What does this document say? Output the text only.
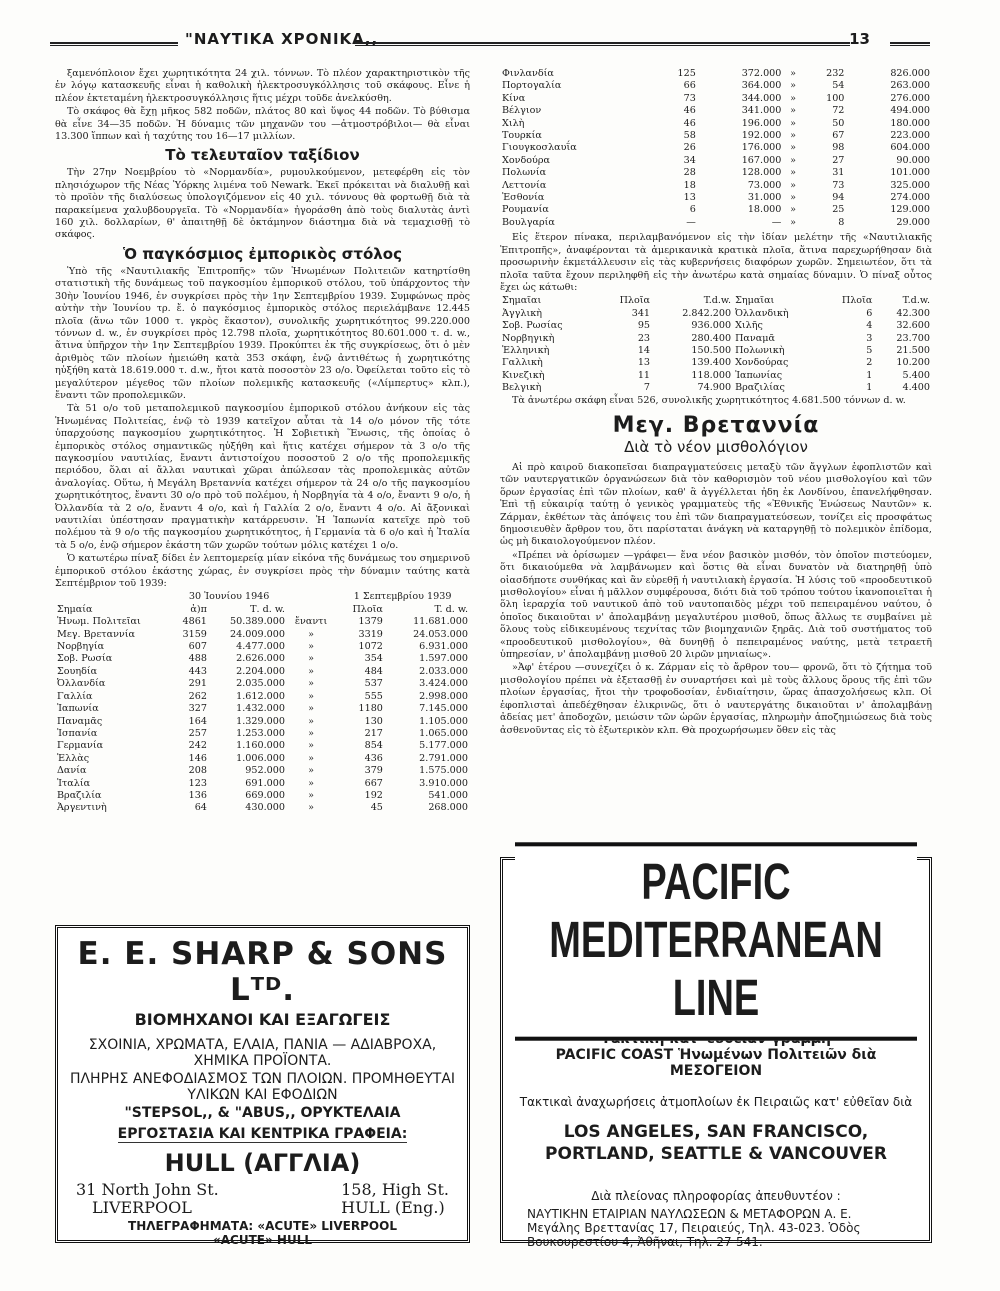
"ΝΑΥΤΙΚΑ ΧΡΟΝΙΚΑ,,	13

ξαμενόπλοιον ἔχει χωρητικότητα 24 χιλ. τόννων. Τὸ πλέον χαρακτηριστικὸν τῆς ἐν λόγῳ κατασκευῆς εἶναι ἡ καθολικὴ ἠλεκτροσυγκόλλησις τοῦ σκάφους. Εἶνε ἡ πλέον ἐκτεταμένη ἠλεκτροσυγκόλλησις ἥτις μέχρι τοῦδε ἀνελκύσθη.

Τὸ σκάφος θὰ ἔχῃ μῆκος 582 ποδῶν, πλάτος 80 καὶ ὕψος 44 ποδῶν. Τὸ βύθισμα θὰ εἶνε 34—35 ποδῶν. Ἡ δύναμις τῶν μηχανῶν του —ἀτμοστρόβιλοι— θὰ εἶναι 13.300 ἵππων καὶ ἡ ταχύτης του 16—17 μιλλίων.

Τὸ τελευταῖον ταξίδιον

Τὴν 27ην Νοεμβρίου τὸ «Νορμανδία», ρυμουλκούμενον, μετεφέρθη εἰς τὸν πλησιόχωρον τῆς Νέας Ὑόρκης λιμένα τοῦ Newark. Ἐκεῖ πρόκειται νὰ διαλυθῇ καὶ τὸ προϊὸν τῆς διαλύσεως ὑπολογιζόμενον εἰς 40 χιλ. τόννους θὰ φορτωθῇ διὰ τὰ παρακείμενα χαλυβδουργεῖα. Τὸ «Νορμανδία» ἠγοράσθη ἀπὸ τοὺς διαλυτὰς ἀντὶ 160 χιλ. δολλαρίων, θ' ἀπαιτηθῇ δὲ ὀκτάμηνον διάστημα διὰ νὰ τεμαχισθῇ τὸ σκάφος.

Ὁ παγκόσμιος ἐμπορικὸς στόλος

Ὑπὸ τῆς «Ναυτιλιακῆς Ἐπιτροπῆς» τῶν Ἡνωμένων Πολιτειῶν κατηρτίσθη στατιστικὴ τῆς δυνάμεως τοῦ παγκοσμίου ἐμπορικοῦ στόλου, τοῦ ὑπάρχοντος τὴν 30ὴν Ἰουνίου 1946, ἐν συγκρίσει πρὸς τὴν 1ην Σεπτεμβρίου 1939. Συμφώνως πρὸς αὐτὴν τὴν Ἰουνίου τρ. ἔ. ὁ παγκόσμιος ἐμπορικὸς στόλος περιελάμβανε 12.445 πλοῖα (ἄνω τῶν 1000 τ. γκρὸς ἕκαστον), συνολικῆς χωρητικότητος 99.220.000 τόννων d. w., ἐν συγκρίσει πρὸς 12.798 πλοῖα, χωρητικότητος 80.601.000 τ. d. w., ἅτινα ὑπῆρχον τὴν 1ην Σεπτεμβρίου 1939. Προκύπτει ἐκ τῆς συγκρίσεως, ὅτι ὁ μὲν ἀριθμὸς τῶν πλοίων ἠμειώθη κατὰ 353 σκάφη, ἐνῷ ἀντιθέτως ἡ χωρητικότης ηὐξήθη κατὰ 18.619.000 τ. d.w., ἤτοι κατὰ ποσοστὸν 23 ο/ο. Ὀφείλεται τοῦτο εἰς τὸ μεγαλύτερον μέγεθος τῶν πλοίων πολεμικῆς κατασκευῆς («Λίμπερτυς» κλπ.), ἔναντι τῶν προπολεμικῶν.

Τὰ 51 ο/ο τοῦ μεταπολεμικοῦ παγκοσμίου ἐμπορικοῦ στόλου ἀνήκουν εἰς τὰς Ἡνωμένας Πολιτείας, ἐνῷ τὸ 1939 κατεῖχον αὗται τὰ 14 ο/ο μόνον τῆς τότε ὑπαρχούσης παγκοσμίου χωρητικότητος. Ἡ Σοβιετικὴ Ἕνωσις, τῆς ὁποίας ὁ ἐμπορικὸς στόλος σημαντικῶς ηὐξήθη καὶ ἥτις κατέχει σήμερον τὰ 3 ο/ο τῆς παγκοσμίου ναυτιλίας, ἔναντι ἀντιστοίχου ποσοστοῦ 2 ο/ο τῆς προπολεμικῆς περιόδου, ὅλαι αἱ ἄλλαι ναυτικαὶ χῶραι ἀπώλεσαν τὰς προπολεμικὰς αὐτῶν ἀναλογίας. Οὕτω, ἡ Μεγάλη Βρεταννία κατέχει σήμερον τὰ 24 ο/ο τῆς παγκοσμίου χωρητικότητος, ἔναντι 30 ο/ο πρὸ τοῦ πολέμου, ἡ Νορβηγία τὰ 4 ο/ο, ἔναντι 9 ο/ο, ἡ Ὀλλανδία τὰ 2 ο/ο, ἔναντι 4 ο/ο, καὶ ἡ Γαλλία 2 ο/ο, ἔναντι 4 ο/ο. Αἱ ἄξονικαὶ ναυτιλίαι ὑπέστησαν πραγματικὴν κατάρρευσιν. Ἡ Ἰαπωνία κατεῖχε πρὸ τοῦ πολέμου τὰ 9 ο/ο τῆς παγκοσμίου χωρητικότητος, ἡ Γερμανία τὰ 6 ο/ο καὶ ἡ Ἰταλία τὰ 5 ο/ο, ἐνῷ σήμερον ἑκάστη τῶν χωρῶν τούτων μόλις κατέχει 1 ο/ο.

Ὁ κατωτέρω πίναξ δίδει ἐν λεπτομερείᾳ μίαν εἰκόνα τῆς δυνάμεως του σημερινοῦ ἐμπορικοῦ στόλου ἑκάστης χώρας, ἐν συγκρίσει πρὸς τὴν δύναμιν ταύτης κατὰ Σεπτέμβριον τοῦ 1939:

	30 Ἰουνίου 1946			1 Σεπτεμβρίου 1939	
Σημαία	ἀ)π	Τ. d. w.		Πλοῖα	T. d. w.
Ἡνωμ. Πολιτεῖαι	4861	50.389.000	ἔναντι	1379	11.681.000
Μεγ. Βρεταννία	3159	24.009.000	»	3319	24.053.000
Νορβηγία	607	4.477.000	»	1072	6.931.000
Σοβ. Ρωσία	488	2.626.000	»	354	1.597.000
Σουηδία	443	2.204.000	»	484	2.033.000
Ὀλλανδία	291	2.035.000	»	537	3.424.000
Γαλλία	262	1.612.000	»	555	2.998.000
Ἰαπωνία	327	1.432.000	»	1180	7.145.000
Παναμᾶς	164	1.329.000	»	130	1.105.000
Ἰσπανία	257	1.253.000	»	217	1.065.000
Γερμανία	242	1.160.000	»	854	5.177.000
Ἑλλὰς	146	1.006.000	»	436	2.791.000
Δανία	208	952.000	»	379	1.575.000
Ἰταλία	123	691.000	»	667	3.910.000
Βραζιλία	136	669.000	»	192	541.000
Ἀργεντινὴ	64	430.000	»	45	268.000
Φινλανδία	125	372.000	»	232	826.000
Πορτογαλία	66	364.000	»	54	263.000
Κίνα	73	344.000	»	100	276.000
Βέλγιον	46	341.000	»	72	494.000
Χιλὴ	46	196.000	»	50	180.000
Τουρκία	58	192.000	»	67	223.000
Γιουγκοσλαυΐα	26	176.000	»	98	604.000
Χονδούρα	34	167.000	»	27	90.000
Πολωνία	28	128.000	»	31	101.000
Λεττονία	18	73.000	»	73	325.000
Ἐσθονία	13	31.000	»	94	274.000
Ρουμανία	6	18.000	»	25	129.000
Βουλγαρία	—	—	»	8	29.000

Εἰς ἕτερον πίνακα, περιλαμβανόμενον εἰς τὴν ἰδίαν μελέτην τῆς «Ναυτιλιακῆς Ἐπιτροπῆς», ἀναφέρονται τὰ ἀμερικανικὰ κρατικὰ πλοῖα, ἅτινα παρεχωρήθησαν διὰ προσωρινὴν ἐκμετάλλευσιν εἰς τὰς κυβερνήσεις διαφόρων χωρῶν. Σημειωτέον, ὅτι τὰ πλοῖα ταῦτα ἔχουν περιληφθῆ εἰς τὴν ἀνωτέρω κατὰ σημαίας δύναμιν. Ὁ πίναξ οὗτος ἔχει ὡς κάτωθι:

Σημαῖαι	Πλοῖα	T.d.w.	Σημαῖαι	Πλοῖα	T.d.w.
Ἀγγλικὴ	341	2.842.200	Ὀλλανδικὴ	6	42.300
Σοβ. Ρωσίας	95	936.000	Χιλῆς	4	32.600
Νορβηγικὴ	23	280.400	Παναμᾶ	3	23.700
Ἑλληνικὴ	14	150.500	Πολωνικὴ	5	21.500
Γαλλικὴ	13	139.400	Χονδούρας	2	10.200
Κινεζικὴ	11	118.000	Ἰαπωνίας	1	5.400
Βελγικὴ	7	74.900	Βραζιλίας	1	4.400

Τὰ ἀνωτέρω σκάφη εἶναι 526, συνολικῆς χωρητικότητος 4.681.500 τόννων d. w.

Μεγ. Βρεταννία
Διὰ τὸ νέον μισθολόγιον

Αἱ πρὸ καιροῦ διακοπεῖσαι διαπραγματεύσεις μεταξὺ τῶν ἄγγλων ἐφοπλιστῶν καὶ τῶν ναυτεργατικῶν ὀργανώσεων διὰ τὸν καθορισμὸν τοῦ νέου μισθολογίου καὶ τῶν ὅρων ἐργασίας ἐπὶ τῶν πλοίων, καθ' ἃ ἀγγέλλεται ἠδη ἐκ Λονδίνου, ἐπανελήφθησαν. Ἐπὶ τῇ εὐκαιρίᾳ ταύτῃ ὁ γενικὸς γραμματεὺς τῆς «Ἐθνικῆς Ἑνώσεως Ναυτῶν» κ. Ζάρμαν, ἐκθέτων τὰς ἀπόψεις του ἐπὶ τῶν διαπραγματεύσεων, τονίζει εἰς προσφάτως δημοσιευθὲν ἄρθρον του, ὅτι παρίσταται ἀνάγκη νὰ καταργηθῇ τὸ πολεμικὸν ἐπίδομα, ὡς μὴ δικαιολογούμενον πλέον.

«Πρέπει νὰ ὁρίσωμεν —γράφει— ἕνα νέον βασικὸν μισθόν, τὸν ὁποῖον πιστεύομεν, ὅτι δικαιούμεθα νὰ λαμβάνωμεν καὶ ὅστις θὰ εἶναι δυνατὸν νὰ διατηρηθῇ ὑπὸ οἱασδήποτε συνθήκας καὶ ἂν εὑρεθῇ ἡ ναυτιλιακὴ ἐργασία. Ἡ λύσις τοῦ «προοδευτικοῦ μισθολογίου» εἶναι ἡ μᾶλλον συμφέρουσα, διότι διὰ τοῦ τρόπου τούτου ἱκανοποιεῖται ἡ ὅλη ἱεραρχία τοῦ ναυτικοῦ ἀπὸ τοῦ ναυτοπαιδὸς μέχρι τοῦ πεπειραμένου ναύτου, ὁ ὁποῖος δικαιοῦται ν' ἀπολαμβάνῃ μεγαλυτέρου μισθοῦ, ὅπως ἄλλως τε συμβαίνει μὲ ὅλους τοὺς εἰδικευμένους τεχνίτας τῶν βιομηχανιῶν ξηρᾶς. Διὰ τοῦ συστήματος τοῦ «προοδευτικοῦ μισθολογίου», θὰ δυνηθῇ ὁ πεπειραμένος ναύτης, μετὰ τετραετῆ ὑπηρεσίαν, ν' ἀπολαμβάνῃ μισθοῦ 20 λιρῶν μηνιαίως».

»Ἀφ' ἑτέρου —συνεχίζει ὁ κ. Ζάρμαν εἰς τὸ ἄρθρον του— φρονῶ, ὅτι τὸ ζήτημα τοῦ μισθολογίου πρέπει νὰ ἐξετασθῇ ἐν συναρτήσει καὶ μὲ τοὺς ἄλλους ὅρους τῆς ἐπὶ τῶν πλοίων ἐργασίας, ἤτοι τὴν τροφοδοσίαν, ἐνδιαίτησιν, ὥρας ἀπασχολήσεως κλπ. Οἱ ἐφοπλισταὶ ἀπεδέχθησαν ἐλικρινῶς, ὅτι ὁ ναυτεργάτης δικαιοῦται ν' ἀπολαμβάνῃ ἀδείας μετ' ἀποδοχῶν, μειώσιν τῶν ὡρῶν ἐργασίας, πληρωμὴν ἀποζημιώσεως διὰ τοὺς ἀσθενοῦντας εἰς τὸ ἐξωτερικὸν κλπ. Θὰ προχωρήσωμεν ὅθεν εἰς τὰς

E. E. SHARP & SONS Lᵀᴰ.
ΒΙΟΜΗΧΑΝΟΙ ΚΑΙ ΕΞΑΓΩΓΕΙΣ
ΣΧΟΙΝΙΑ, ΧΡΩΜΑΤΑ, ΕΛΑΙΑ, ΠΑΝΙΑ — ΑΔΙΑΒΡΟΧΑ, ΧΗΜΙΚΑ ΠΡΟΪΟΝΤΑ.
ΠΛΗΡΗΣ ΑΝΕΦΟΔΙΑΣΜΟΣ ΤΩΝ ΠΛΟΙΩΝ. ΠΡΟΜΗΘΕΥΤΑΙ ΥΛΙΚΩΝ ΚΑΙ ΕΦΟΔΙΩΝ
"STEPSOL,, & "ABUS,, ΟΡΥΚΤΕΛΑΙΑ
ΕΡΓΟΣΤΑΣΙΑ ΚΑΙ ΚΕΝΤΡΙΚΑ ΓΡΑΦΕΙΑ:
HULL (ΑΓΓΛΙΑ)
31 North John St.
LIVERPOOL
158, High St.
HULL (Eng.)
ΤΗΛΕΓΡΑΦΗΜΑΤΑ: «ACUTE» LIVERPOOL
«ACUTE» HULL
PACIFIC MEDITERRANEAN LINE
PACIFIC COAST Ἡνωμένων Πολιτειῶν διὰ
ΜΕΣΟΓΕΙΟΝ
Τακτικαὶ ἀναχωρήσεις ἀτμοπλοίων ἐκ Πειραιῶς κατ' εὐθεῖαν διὰ
LOS ANGELES, SAN FRANCISCO,
PORTLAND, SEATTLE & VANCOUVER
Διὰ πλείονας πληροφορίας ἀπευθυντέον :
ΝΑΥΤΙΚΗΝ ΕΤΑΙΡΙΑΝ ΝΑΥΛΩΣΕΩΝ & ΜΕΤΑΦΟΡΩΝ Α. Ε. Μεγάλης Βρεττανίας 17, Πειραιεύς, Τηλ. 43-023. Ὁδὸς Βουκουρεστίου 4, Ἀθῆναι, Τηλ. 27-541.
